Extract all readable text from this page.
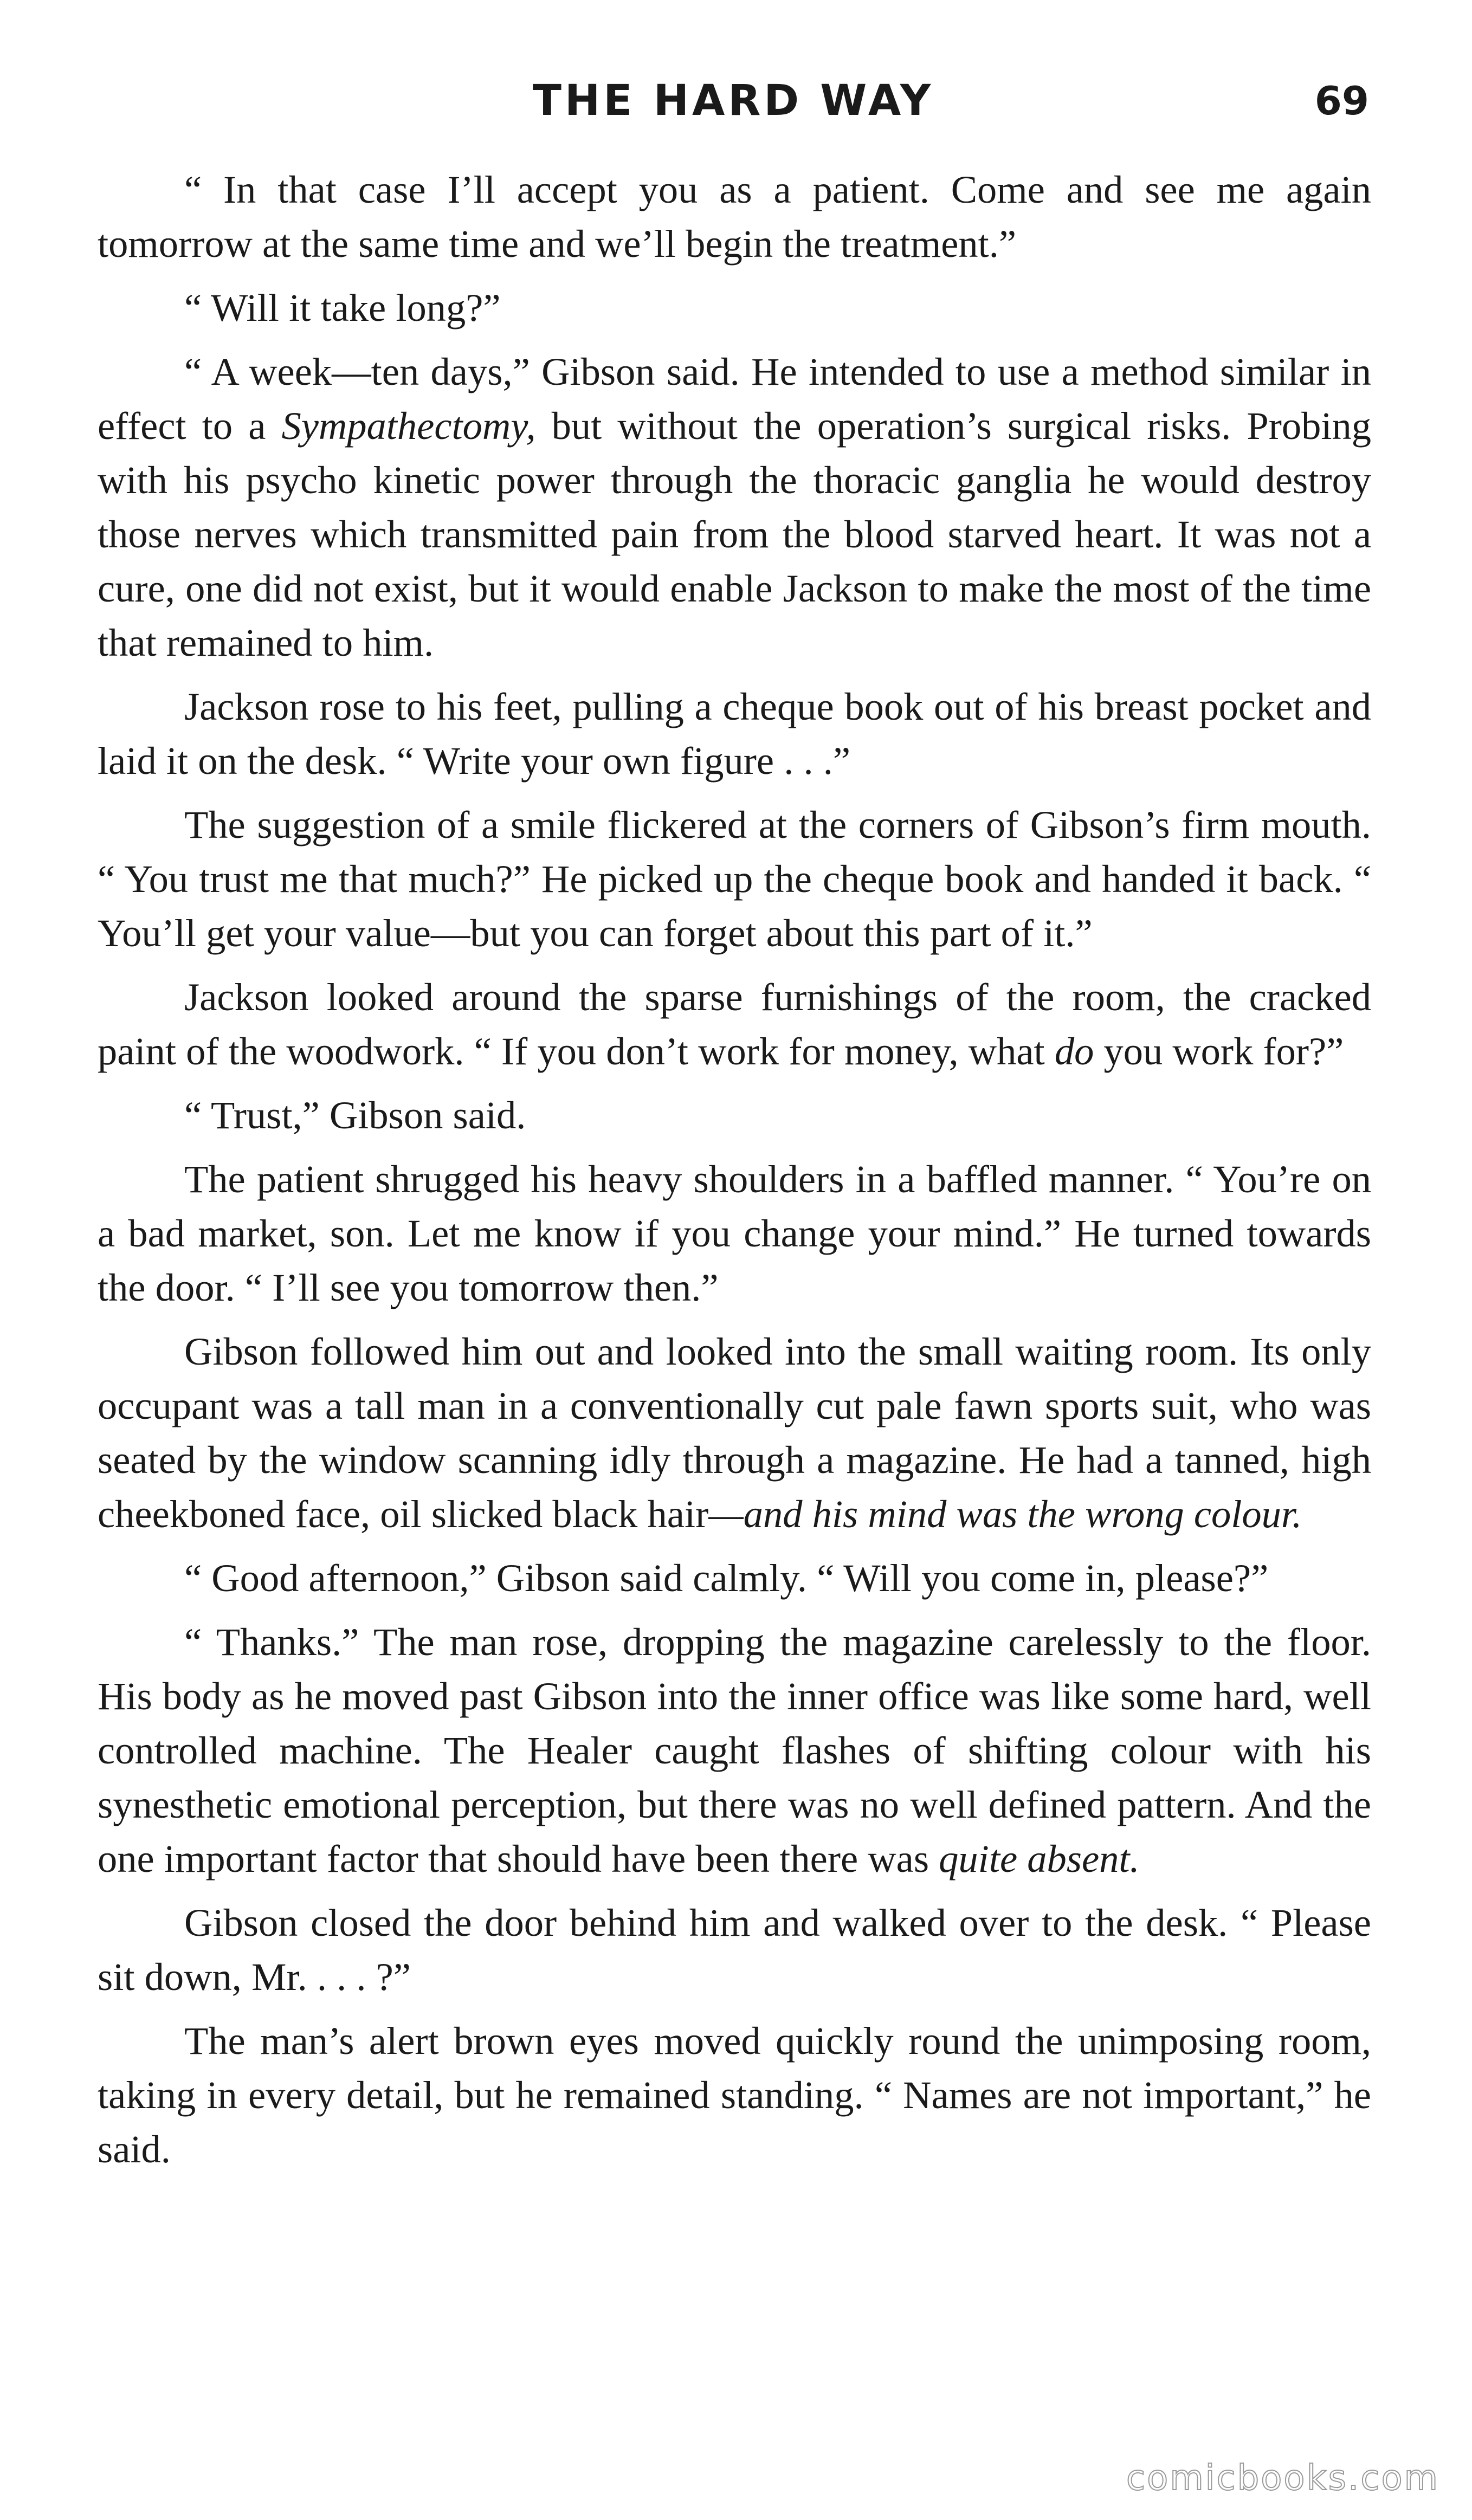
THE HARD WAY	69

“ In that case I’ll accept you as a patient. Come and see me again tomorrow at the same time and we’ll begin the treatment.”

“ Will it take long?”

“ A week—ten days,” Gibson said. He intended to use a method similar in effect to a Sympathectomy, but without the operation’s surgical risks. Probing with his psycho kinetic power through the thoracic ganglia he would destroy those nerves which transmitted pain from the blood starved heart. It was not a cure, one did not exist, but it would enable Jackson to make the most of the time that remained to him.

Jackson rose to his feet, pulling a cheque book out of his breast pocket and laid it on the desk. “ Write your own figure . . .”

The suggestion of a smile flickered at the corners of Gibson’s firm mouth. “ You trust me that much?” He picked up the cheque book and handed it back. “ You’ll get your value—but you can forget about this part of it.”

Jackson looked around the sparse furnishings of the room, the cracked paint of the woodwork. “ If you don’t work for money, what do you work for?”

“ Trust,” Gibson said.

The patient shrugged his heavy shoulders in a baffled manner. “ You’re on a bad market, son. Let me know if you change your mind.” He turned towards the door. “ I’ll see you tomorrow then.”

Gibson followed him out and looked into the small waiting room. Its only occupant was a tall man in a conventionally cut pale fawn sports suit, who was seated by the window scanning idly through a magazine. He had a tanned, high cheekboned face, oil slicked black hair—and his mind was the wrong colour.

“ Good afternoon,” Gibson said calmly. “ Will you come in, please?”

“ Thanks.” The man rose, dropping the magazine carelessly to the floor. His body as he moved past Gibson into the inner office was like some hard, well controlled machine. The Healer caught flashes of shifting colour with his synesthetic emotional perception, but there was no well defined pattern. And the one important factor that should have been there was quite absent.

Gibson closed the door behind him and walked over to the desk. “ Please sit down, Mr. . . . ?”

The man’s alert brown eyes moved quickly round the unimposing room, taking in every detail, but he remained standing. “ Names are not important,” he said.

comicbooks.com
